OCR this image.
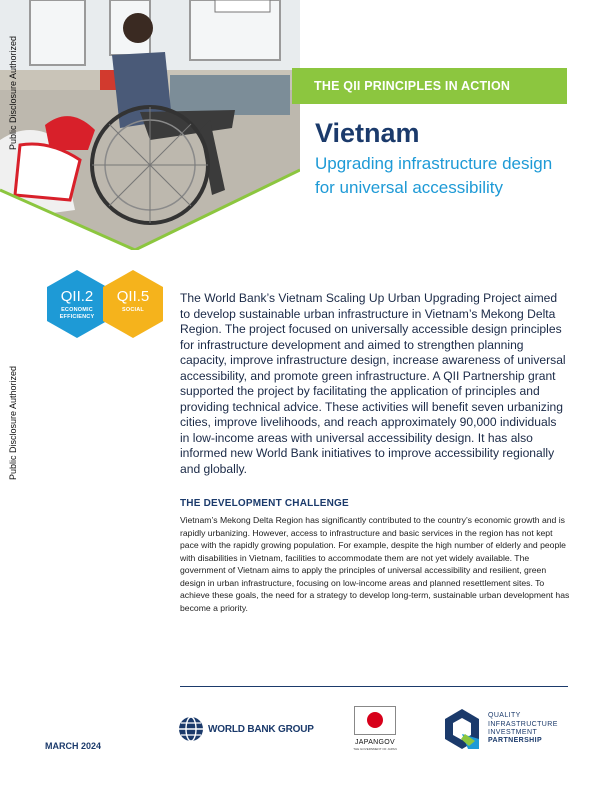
Public Disclosure Authorized
Public Disclosure Authorized
THE QII PRINCIPLES IN ACTION
Vietnam
Upgrading infrastructure design for universal accessibility
QII.2
ECONOMIC
EFFICIENCY
QII.5
SOCIAL

The World Bank’s Vietnam Scaling Up Urban Upgrading Project aimed to develop sustainable urban infrastructure in Vietnam’s Mekong Delta Region. The project focused on universally accessible design principles for infrastructure development and aimed to strengthen planning capacity, improve infrastructure design, increase awareness of universal accessibility, and promote green infrastructure. A QII Partnership grant supported the project by facilitating the application of principles and providing technical advice. These activities will benefit seven urbanizing cities, improve livelihoods, and reach approximately 90,000 individuals in low-income areas with universal accessibility design. It has also informed new World Bank initiatives to improve accessibility regionally and globally.

THE DEVELOPMENT CHALLENGE

Vietnam’s Mekong Delta Region has significantly contributed to the country’s economic growth and is rapidly urbanizing. However, access to infrastructure and basic services in the region has not kept pace with the rapidly growing population. For example, despite the high number of elderly and people with disabilities in Vietnam, facilities to accommodate them are not yet widely available. The government of Vietnam aims to apply the principles of universal accessibility and resilient, green design in urban infrastructure, focusing on low-income areas and planned resettlement sites. To achieve these goals, the need for a strategy to develop long-term, sustainable urban development has become a priority.

MARCH 2024
WORLD BANK GROUP
JAPANGOV
THE GOVERNMENT OF JAPAN
QUALITY
INFRASTRUCTURE
INVESTMENT
PARTNERSHIP
